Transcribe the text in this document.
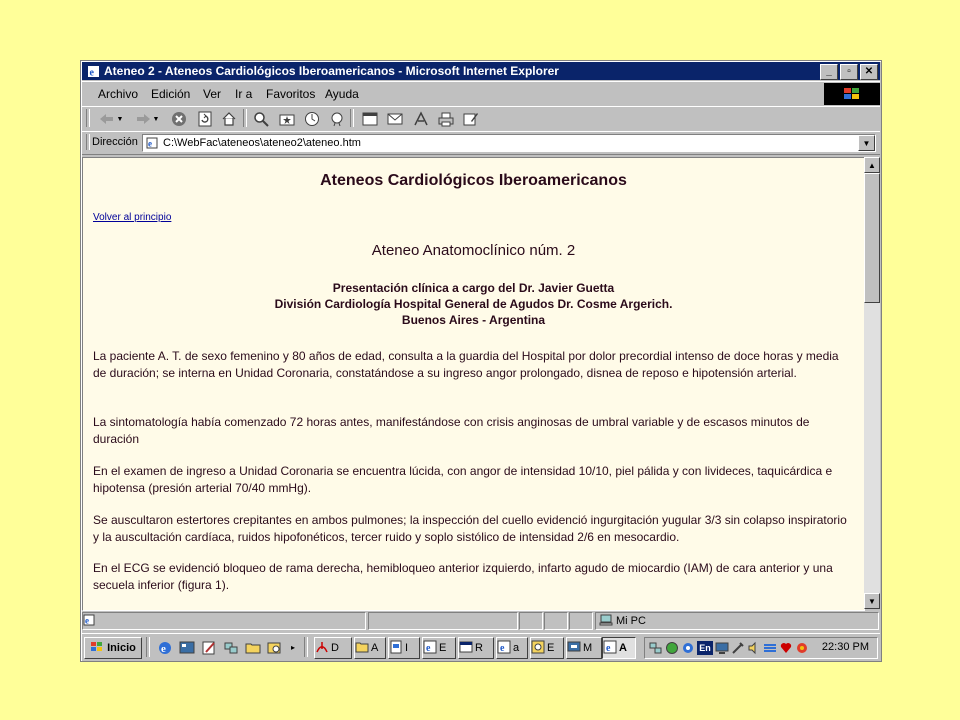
e Ateneo 2 - Ateneos Cardiológicos Iberoamericanos - Microsoft Internet Explorer	_	▫	✕
Archivo Edición Ver Ir a Favoritos Ayuda
▼	▼
Dirección e C:\WebFac\ateneos\ateneo2\ateneo.htm	▼
Ateneos Cardiológicos Iberoamericanos
Volver al principio
Ateneo Anatomoclínico núm. 2
Presentación clínica a cargo del Dr. Javier Guetta
División Cardiología Hospital General de Agudos Dr. Cosme Argerich.
Buenos Aires - Argentina
La paciente A. T. de sexo femenino y 80 años de edad, consulta a la guardia del Hospital por dolor precordial intenso de doce horas y media de duración; se interna en Unidad Coronaria, constatándose a su ingreso angor prolongado, disnea de reposo e hipotensión arterial.
La sintomatología había comenzado 72 horas antes, manifestándose con crisis anginosas de umbral variable y de escasos minutos de duración
En el examen de ingreso a Unidad Coronaria se encuentra lúcida, con angor de intensidad 10/10, piel pálida y con livideces, taquicárdica e hipotensa (presión arterial 70/40 mmHg).
Se auscultaron estertores crepitantes en ambos pulmones; la inspección del cuello evidenció ingurgitación yugular 3/3 sin colapso inspiratorio y la auscultación cardíaca, ruidos hipofonéticos, tercer ruido y soplo sistólico de intensidad 2/6 en mesocardio.
En el ECG se evidenció bloqueo de rama derecha, hemibloqueo anterior izquierdo, infarto agudo de miocardio (IAM) de cara anterior y una secuela inferior (figura 1).
▲
▼
e	Mi PC
Inicio e	▸	D	A I e E	R e a	E	M e A	En	22:30 PM
